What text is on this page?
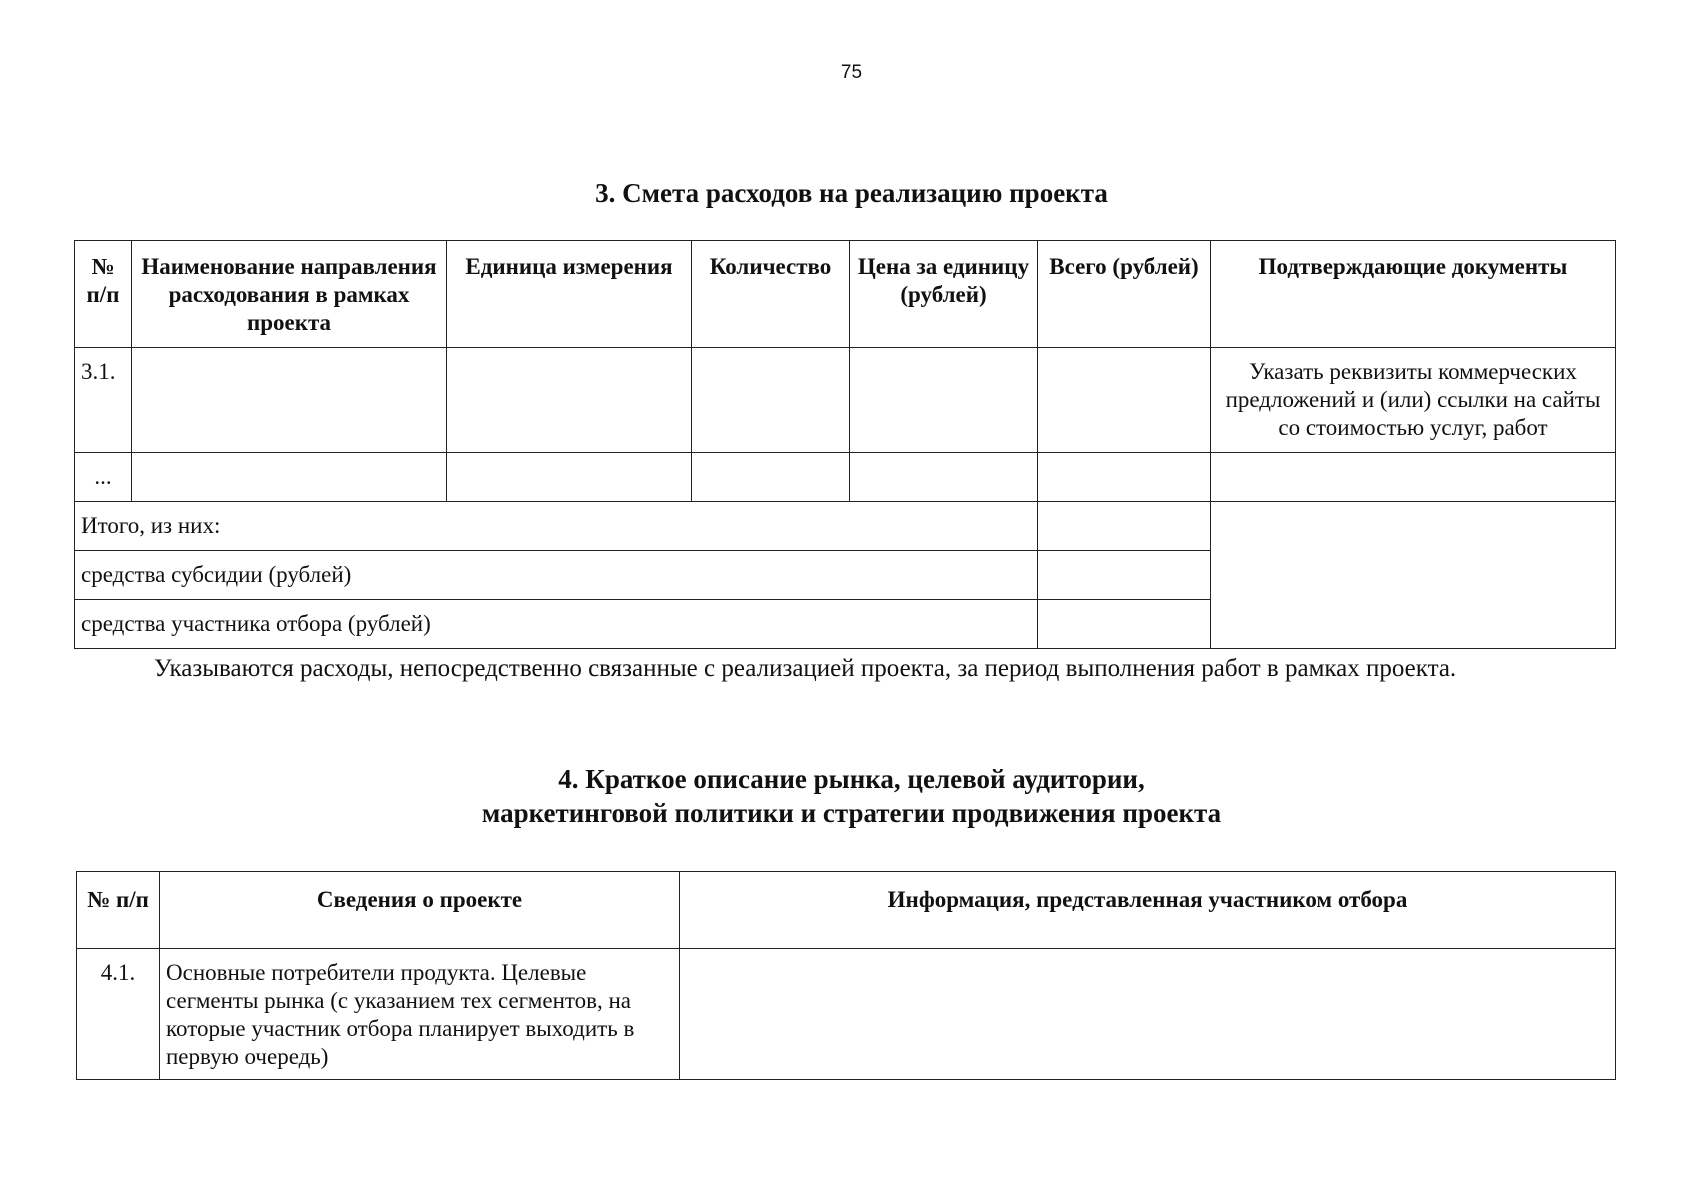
75
3. Смета расходов на реализацию проекта
№ п/п	Наименование направления расходования в рамках проекта	Единица измерения	Количество	Цена за единицу (рублей)	Всего (рублей)	Подтверждающие документы
3.1.						Указать реквизиты коммерческих предложений и (или) ссылки на сайты со стоимостью услуг, работ
...						
Итого, из них:						
средства субсидии (рублей)						
средства участника отбора (рублей)						
Указываются расходы, непосредственно связанные с реализацией проекта, за период выполнения работ в рамках проекта.
4. Краткое описание рынка, целевой аудитории,
маркетинговой политики и стратегии продвижения проекта
№ п/п	Сведения о проекте	Информация, представленная участником отбора
4.1.	Основные потребители продукта. Целевые сегменты рынка (с указанием тех сегментов, на которые участник отбора планирует выходить в первую очередь)	
